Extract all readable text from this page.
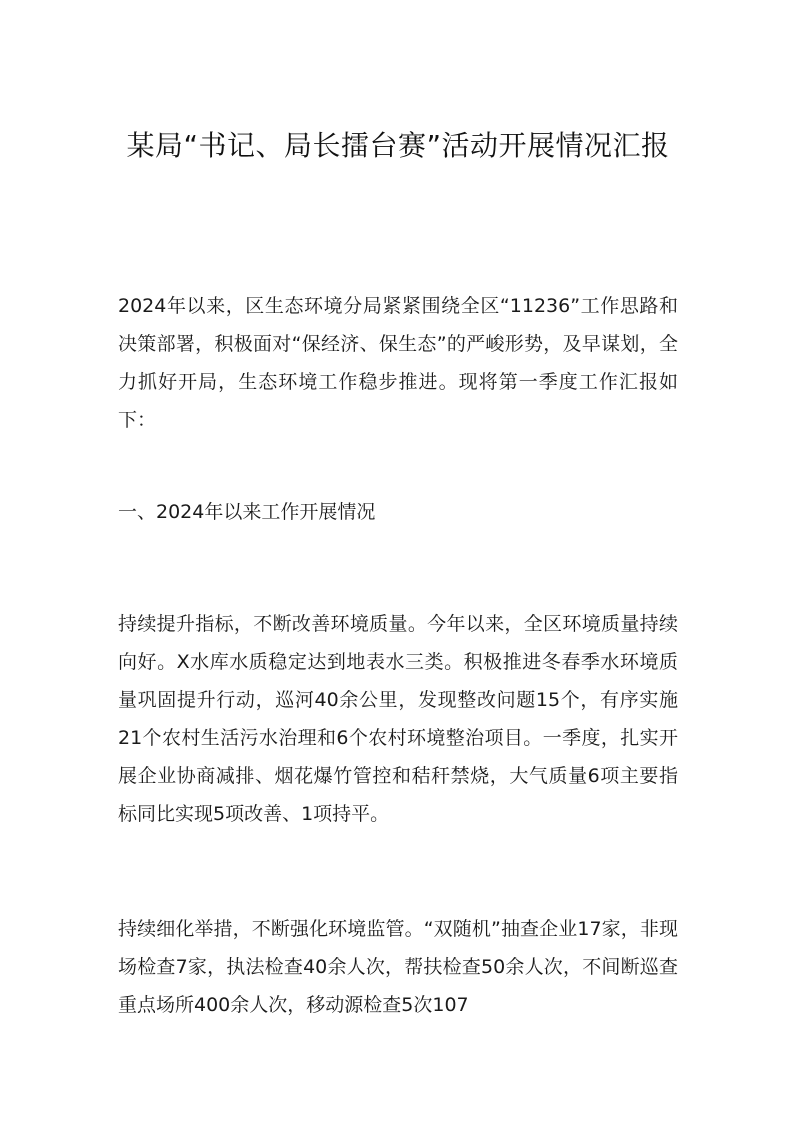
某局“书记、局长擂台赛”活动开展情况汇报

2024年以来，区生态环境分局紧紧围绕全区“11236”工作思路和决策部署，积极面对“保经济、保生态”的严峻形势，及早谋划，全力抓好开局，生态环境工作稳步推进。现将第一季度工作汇报如下：

一、2024年以来工作开展情况

持续提升指标，不断改善环境质量。今年以来，全区环境质量持续向好。X水库水质稳定达到地表水三类。积极推进冬春季水环境质量巩固提升行动，巡河40余公里，发现整改问题15个，有序实施21个农村生活污水治理和6个农村环境整治项目。一季度，扎实开展企业协商减排、烟花爆竹管控和秸秆禁烧，大气质量6项主要指标同比实现5项改善、1项持平。

持续细化举措，不断强化环境监管。“双随机”抽查企业17家，非现场检查7家，执法检查40余人次，帮扶检查50余人次，不间断巡查重点场所400余人次，移动源检查5次107
